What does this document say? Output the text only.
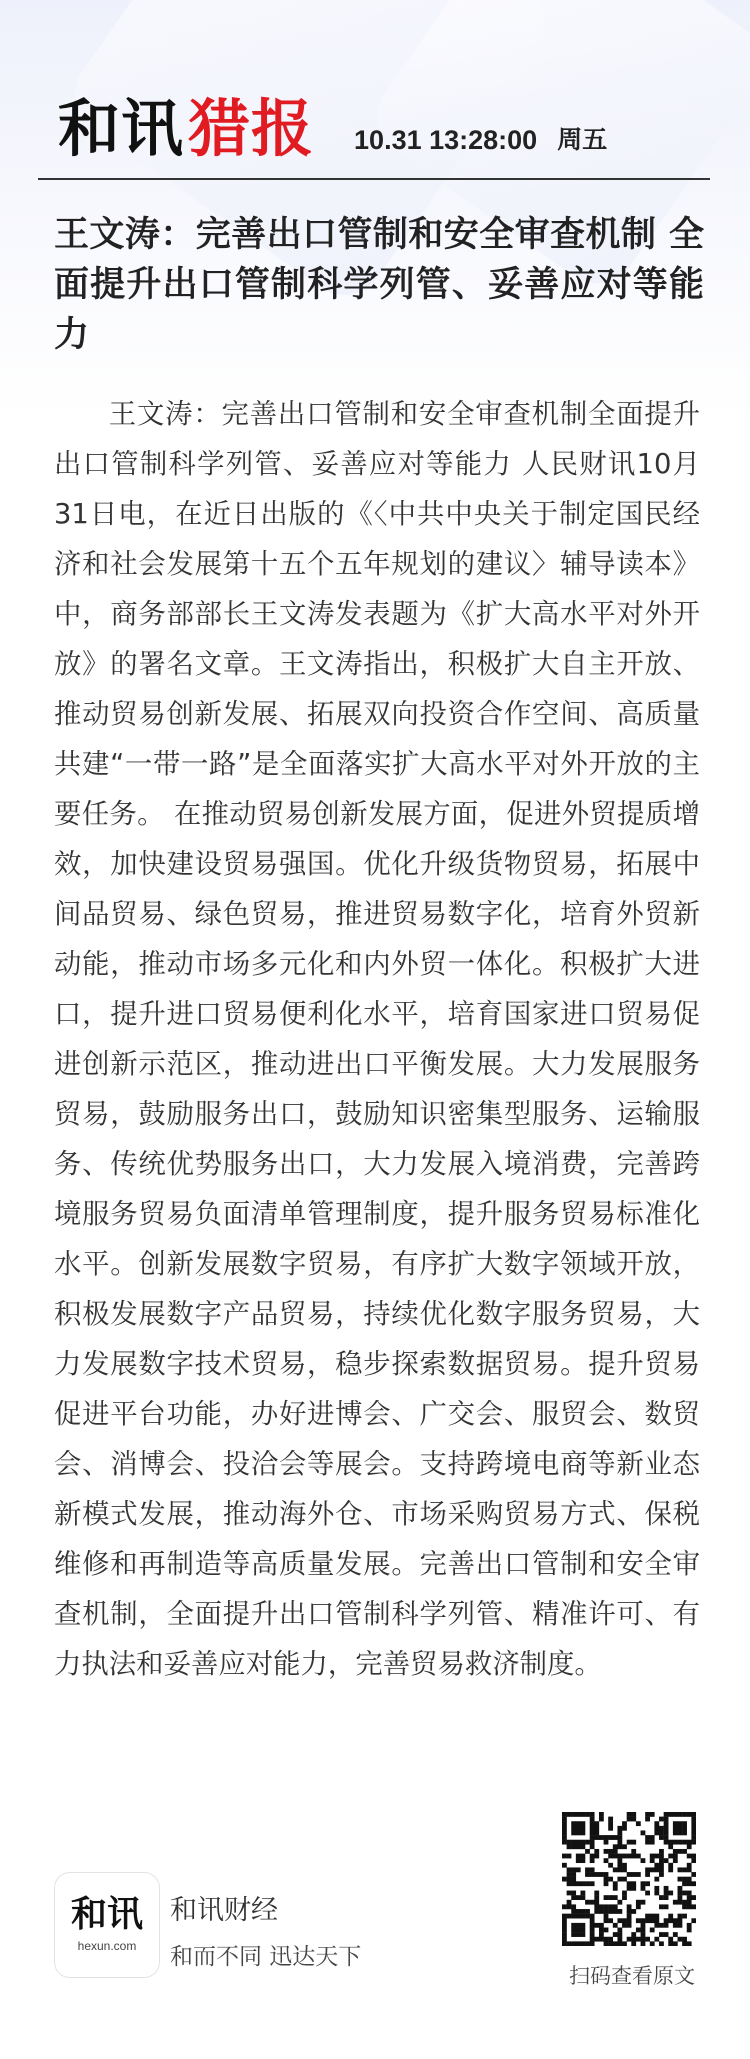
和讯 猎报 10.31 13:28:00 周五
王文涛：完善出口管制和安全审查机制 全面提升出口管制科学列管、妥善应对等能力

王文涛：完善出口管制和安全审查机制全面提升出口管制科学列管、妥善应对等能力 人民财讯10月31日电，在近日出版的《〈中共中央关于制定国民经济和社会发展第十五个五年规划的建议〉辅导读本》中，商务部部长王文涛发表题为《扩大高水平对外开放》的署名文章。王文涛指出，积极扩大自主开放、推动贸易创新发展、拓展双向投资合作空间、高质量共建“一带一路”是全面落实扩大高水平对外开放的主要任务。 在推动贸易创新发展方面，促进外贸提质增效，加快建设贸易强国。优化升级货物贸易，拓展中间品贸易、绿色贸易，推进贸易数字化，培育外贸新动能，推动市场多元化和内外贸一体化。积极扩大进口，提升进口贸易便利化水平，培育国家进口贸易促进创新示范区，推动进出口平衡发展。大力发展服务贸易，鼓励服务出口，鼓励知识密集型服务、运输服务、传统优势服务出口，大力发展入境消费，完善跨境服务贸易负面清单管理制度，提升服务贸易标准化水平。创新发展数字贸易，有序扩大数字领域开放，积极发展数字产品贸易，持续优化数字服务贸易，大力发展数字技术贸易，稳步探索数据贸易。提升贸易促进平台功能，办好进博会、广交会、服贸会、数贸会、消博会、投洽会等展会。支持跨境电商等新业态新模式发展，推动海外仓、市场采购贸易方式、保税维修和再制造等高质量发展。完善出口管制和安全审查机制，全面提升出口管制科学列管、精准许可、有力执法和妥善应对能力，完善贸易救济制度。

和讯
hexun.com
和讯财经
和而不同 迅达天下
扫码查看原文
